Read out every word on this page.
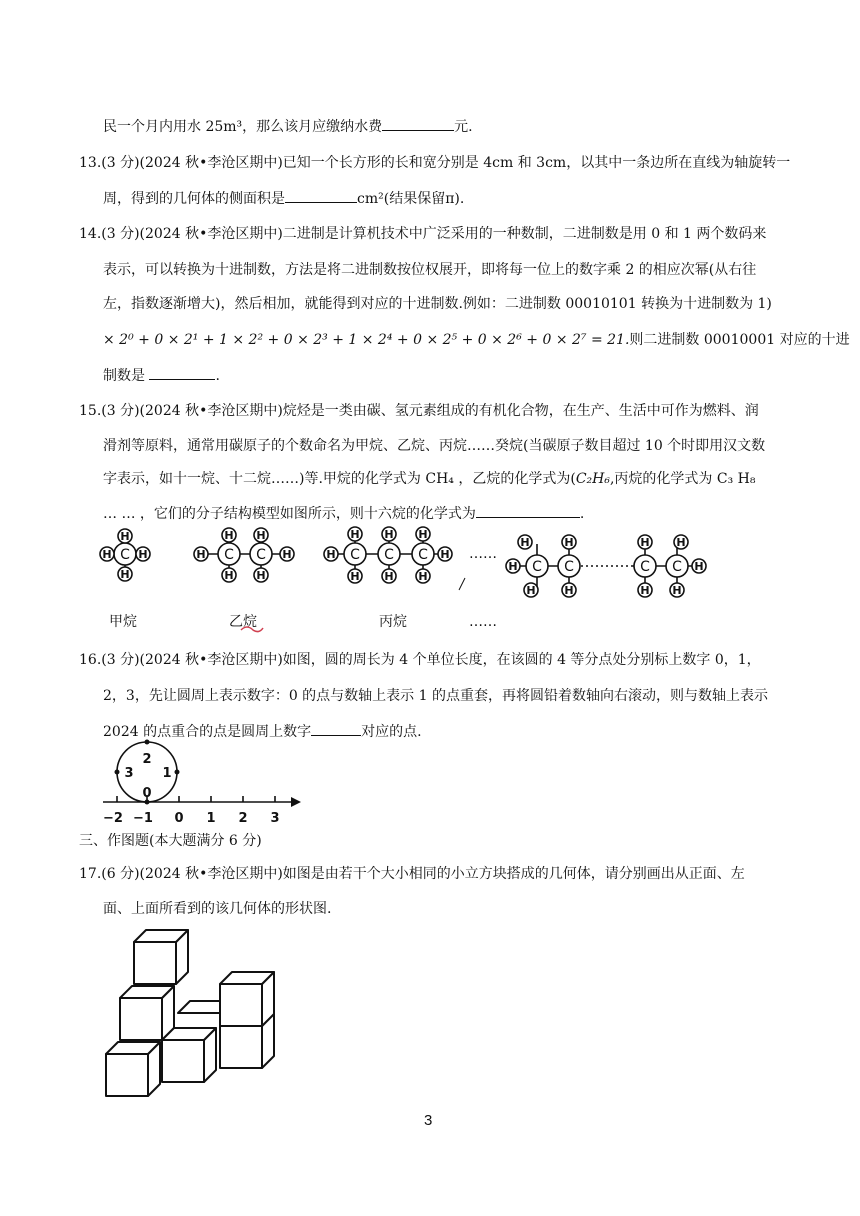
民一个月内用水 25m³，那么该月应缴纳水费	元.
13.(3 分)(2024 秋•李沧区期中)已知一个长方形的长和宽分别是 4cm 和 3cm，以其中一条边所在直线为轴旋转一
周，得到的几何体的侧面积是	cm²(结果保留π).
14.(3 分)(2024 秋•李沧区期中)二进制是计算机技术中广泛采用的一种数制，二进制数是用 0 和 1 两个数码来
表示，可以转换为十进制数，方法是将二进制数按位权展开，即将每一位上的数字乘 2 的相应次幂(从右往
左，指数逐渐增大)，然后相加，就能得到对应的十进制数.例如：二进制数 00010101 转换为十进制数为 1)
× 2⁰ + 0 × 2¹ + 1 × 2² + 0 × 2³ + 1 × 2⁴ + 0 × 2⁵ + 0 × 2⁶ + 0 × 2⁷ = 21.则二进制数 00010001 对应的十进
制数是	.
15.(3 分)(2024 秋•李沧区期中)烷烃是一类由碳、氢元素组成的有机化合物，在生产、生活中可作为燃料、润
滑剂等原料，通常用碳原子的个数命名为甲烷、乙烷、丙烷……癸烷(当碳原子数目超过 10 个时即用汉文数
字表示，如十一烷、十二烷……)等.甲烷的化学式为 CH₄ ，乙烷的化学式为(C₂H₆,丙烷的化学式为 C₃ H₈
… … ，它们的分子结构模型如图所示，则十六烷的化学式为	.
H
H H
H
H	H
H H
H H
H	H
H H H
H H H
H	H
H	H	H H
H	H	H H
C	C C	C C C
C C	C C
……
甲烷	乙烷	丙烷	……
16.(3 分)(2024 秋•李沧区期中)如图，圆的周长为 4 个单位长度，在该圆的 4 等分点处分别标上数字 0，1，
2，3，先让圆周上表示数字：0 的点与数轴上表示 1 的点重套，再将圆铅着数轴向右滚动，则与数轴上表示
2024 的点重合的点是圆周上数字	对应的点.
2
3 1
0
−2 −1 0 1 2 3
三、作图题(本大题满分 6 分)
17.(6 分)(2024 秋•李沧区期中)如图是由若干个大小相同的小立方块搭成的几何体，请分别画出从正面、左
面、上面所看到的该几何体的形状图.
3
